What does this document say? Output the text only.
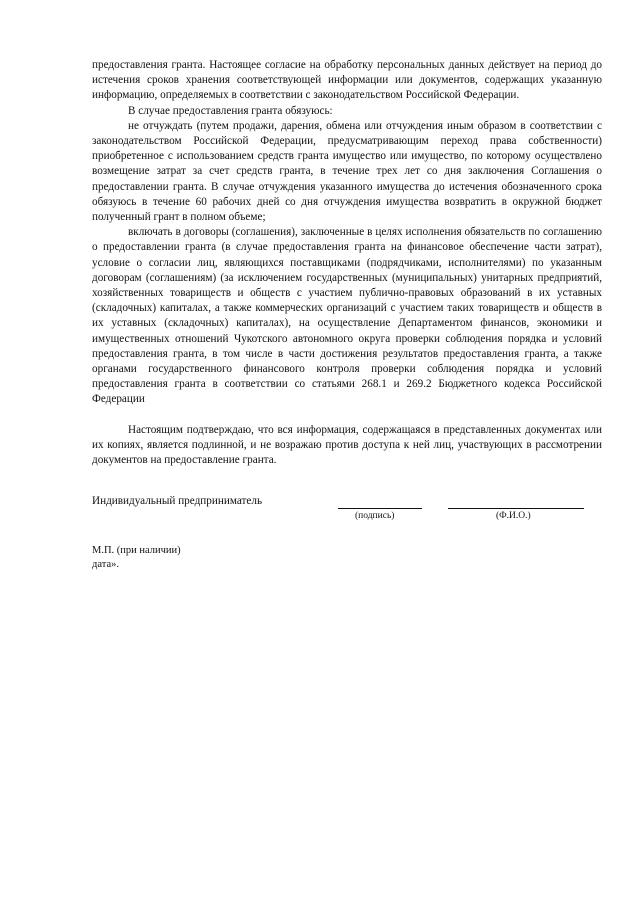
предоставления гранта. Настоящее согласие на обработку персональных данных действует на период до истечения сроков хранения соответствующей информации или документов, содержащих указанную информацию, определяемых в соответствии с законодательством Российской Федерации.

В случае предоставления гранта обязуюсь:

не отчуждать (путем продажи, дарения, обмена или отчуждения иным образом в соответствии с законодательством Российской Федерации, предусматривающим переход права собственности) приобретенное с использованием средств гранта имущество или имущество, по которому осуществлено возмещение затрат за счет средств гранта, в течение трех лет со дня заключения Соглашения о предоставлении гранта. В случае отчуждения указанного имущества до истечения обозначенного срока обязуюсь в течение 60 рабочих дней со дня отчуждения имущества возвратить в окружной бюджет полученный грант в полном объеме;

включать в договоры (соглашения), заключенные в целях исполнения обязательств по соглашению о предоставлении гранта (в случае предоставления гранта на финансовое обеспечение части затрат), условие о согласии лиц, являющихся поставщиками (подрядчиками, исполнителями) по указанным договорам (соглашениям) (за исключением государственных (муниципальных) унитарных предприятий, хозяйственных товариществ и обществ с участием публично-правовых образований в их уставных (складочных) капиталах, а также коммерческих организаций с участием таких товариществ и обществ в их уставных (складочных) капиталах), на осуществление Департаментом финансов, экономики и имущественных отношений Чукотского автономного округа проверки соблюдения порядка и условий предоставления гранта, в том числе в части достижения результатов предоставления гранта, а также органами государственного финансового контроля проверки соблюдения порядка и условий предоставления гранта в соответствии со статьями 268.1 и 269.2 Бюджетного кодекса Российской Федерации

Настоящим подтверждаю, что вся информация, содержащаяся в представленных документах или их копиях, является подлинной, и не возражаю против доступа к ней лиц, участвующих в рассмотрении документов на предоставление гранта.

Индивидуальный предприниматель
(подпись)	(Ф.И.О.)
М.П. (при наличии)
дата».
